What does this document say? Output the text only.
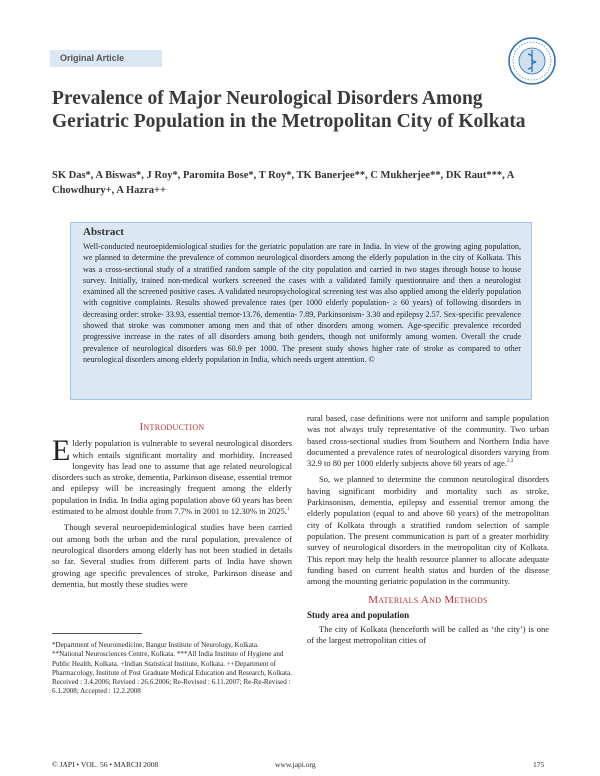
Original Article
Prevalence of Major Neurological Disorders Among Geriatric Population in the Metropolitan City of Kolkata
SK Das*, A Biswas*, J Roy*, Paromita Bose*, T Roy*, TK Banerjee**, C Mukherjee**, DK Raut***, A Chowdhury+, A Hazra++
Abstract
Well-conducted neuroepidemiological studies for the geriatric population are rare in India. In view of the growing aging population, we planned to determine the prevalence of common neurological disorders among the elderly population in the city of Kolkata. This was a cross-sectional study of a stratified random sample of the city population and carried in two stages through house to house survey. Initially, trained non-medical workers screened the cases with a validated family questionnaire and then a neurologist examined all the screened positive cases. A validated neuropsychological screening test was also applied among the elderly population with cognitive complaints. Results showed prevalence rates (per 1000 elderly population- ≥ 60 years) of following disorders in decreasing order: stroke- 33.93, essential tremor-13.76, dementia- 7.89, Parkinsonism- 3.30 and epilepsy 2.57. Sex-specific prevalence showed that stroke was commoner among men and that of other disorders among women. Age-specific prevalence recorded progressive increase in the rates of all disorders among both genders, though not uniformly among women. Overall the crude prevalence of neurological disorders was 60.9 per 1000. The present study shows higher rate of stroke as compared to other neurological disorders among elderly population in India, which needs urgent attention. ©
Introduction

Elderly population is vulnerable to several neurological disorders which entails significant mortality and morbidity. Increased longevity has lead one to assume that age related neurological disorders such as stroke, dementia, Parkinson disease, essential tremor and epilepsy will be increasingly frequent among the elderly population in India. In India aging population above 60 years has been estimated to be almost double from 7.7% in 2001 to 12.30% in 2025.$^1$

Though several neuroepidemiological studies have been carried out among both the urban and the rural population, prevalence of neurological disorders among elderly has not been studied in details so far. Several studies from different parts of India have shown growing age specific prevalences of stroke, Parkinson disease and dementia, but mostly these studies were

*Department of Neuromedicine, Bangur Institute of Neurology, Kolkata. **National Neurosciences Centre, Kolkata. ***All India Institute of Hygiene and Public Health, Kolkata. +Indian Statistical Institute, Kolkata. ++Department of Pharmacology, Institute of Post Graduate Medical Education and Research, Kolkata.

Received : 3.4.2006; Revised : 26.6.2006; Re-Revised : 6.11.2007; Re-Re-Revised : 6.1.2008; Accepted : 12.2.2008

rural based, case definitions were not uniform and sample population was not always truly representative of the community. Two urban based cross-sectional studies from Southern and Northern India have documented a prevalence rates of neurological disorders varying from 32.9 to 80 per 1000 elderly subjects above 60 years of age.$^{2,3}$

So, we planned to determine the common neurological disorders having significant morbidity and mortality such as stroke, Parkinsonism, dementia, epilepsy and essential tremor among the elderly population (equal to and above 60 years) of the metropolitan city of Kolkata through a stratified random selection of sample population. The present communication is part of a greater morbidity survey of neurological disorders in the metropolitan city of Kolkata. This report may help the health resource planner to allocate adequate funding based on current health status and burden of the disease among the mounting geriatric population in the community.

Materials And Methods
Study area and population

The city of Kolkata (henceforth will be called as ‘the city’) is one of the largest metropolitan cities of

© JAPI • VOL. 56 • MARCH 2008	www.japi.org	175
